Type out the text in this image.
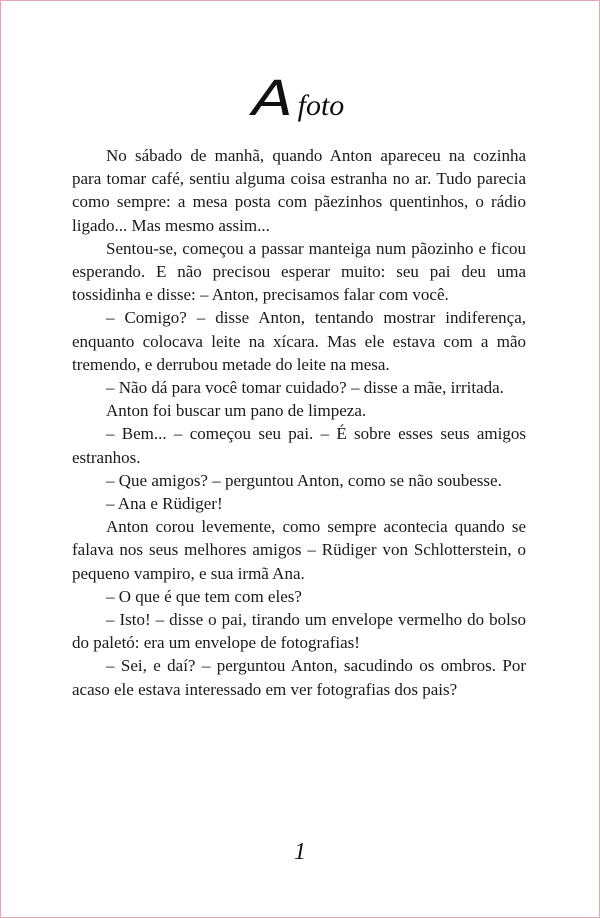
A foto

No sábado de manhã, quando Anton apareceu na cozinha para tomar café, sentiu alguma coisa estranha no ar. Tudo parecia como sempre: a mesa posta com pãezinhos quentinhos, o rádio ligado... Mas mesmo assim...

Sentou-se, começou a passar manteiga num pãozinho e ficou esperando. E não precisou esperar muito: seu pai deu uma tossidinha e disse: – Anton, precisamos falar com você.

– Comigo? – disse Anton, tentando mostrar indiferença, enquanto colocava leite na xícara. Mas ele estava com a mão tremendo, e derrubou metade do leite na mesa.

– Não dá para você tomar cuidado? – disse a mãe, irritada.

Anton foi buscar um pano de limpeza.

– Bem... – começou seu pai. – É sobre esses seus amigos estranhos.

– Que amigos? – perguntou Anton, como se não soubesse.

– Ana e Rüdiger!

Anton corou levemente, como sempre acontecia quando se falava nos seus melhores amigos – Rüdiger von Schlotterstein, o pequeno vampiro, e sua irmã Ana.

– O que é que tem com eles?

– Isto! – disse o pai, tirando um envelope vermelho do bolso do paletó: era um envelope de fotografias!

– Sei, e daí? – perguntou Anton, sacudindo os ombros. Por acaso ele estava interessado em ver fotografias dos pais?

1
